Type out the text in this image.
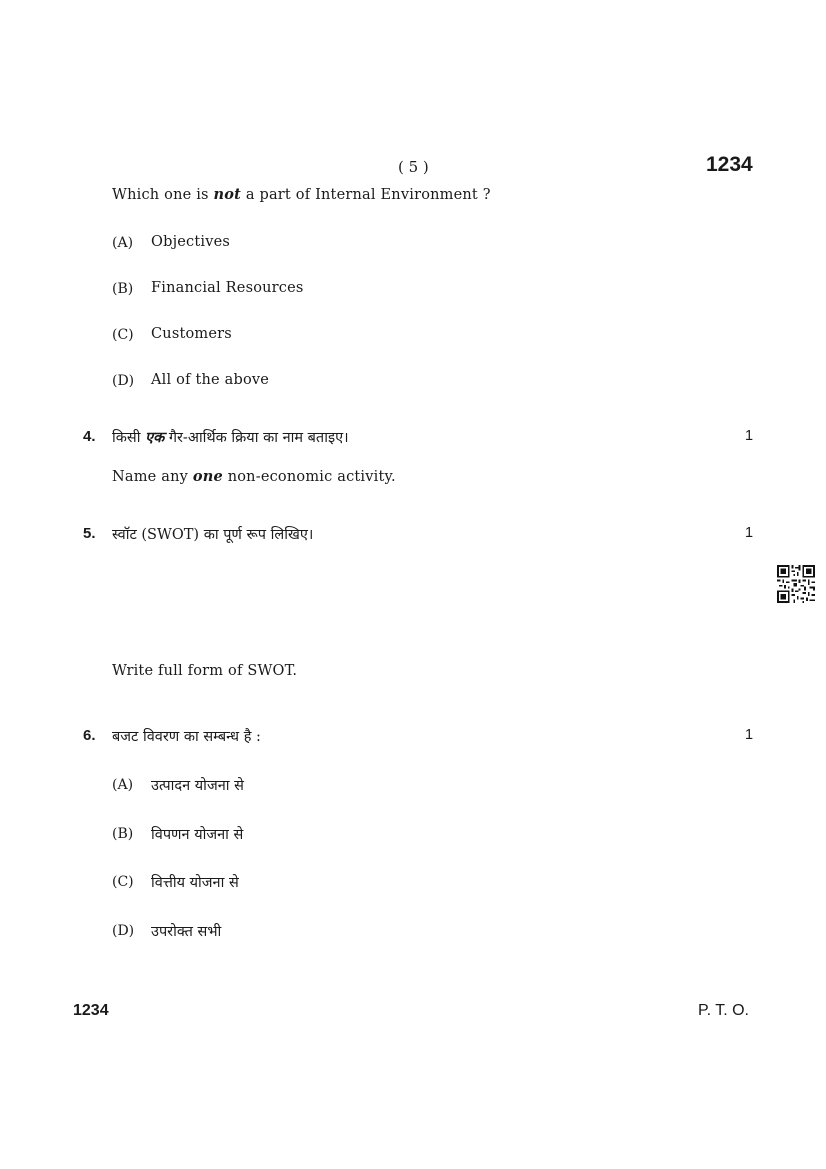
( 5 )	1234
Which one is not a part of Internal Environment ?
(A) Objectives
(B) Financial Resources
(C) Customers
(D) All of the above
4. किसी एक गैर-आर्थिक क्रिया का नाम बताइए।	1
Name any one non-economic activity.
5. स्वॉट (SWOT) का पूर्ण रूप लिखिए।	1
Write full form of SWOT.
6. बजट विवरण का सम्बन्ध है :	1
(A) उत्पादन योजना से
(B) विपणन योजना से
(C) वित्तीय योजना से
(D) उपरोक्त सभी
1234	P. T. O.
